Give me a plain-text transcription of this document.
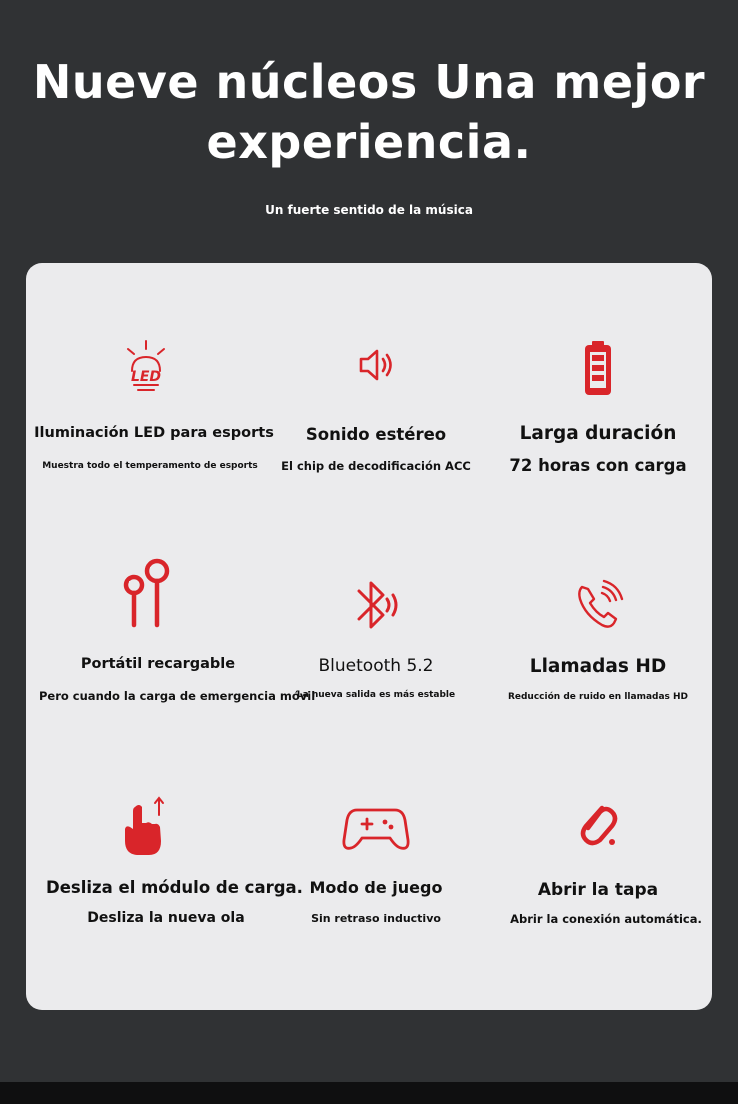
Nueve núcleos Una mejor
experiencia.
Un fuerte sentido de la música
LED
Iluminación LED para esports
Muestra todo el temperamento de esports
Sonido estéreo
El chip de decodificación ACC
Larga duración
72 horas con carga
Portátil recargable
Pero cuando la carga de emergencia móvil
Bluetooth 5.2
La nueva salida es más estable
Llamadas HD
Reducción de ruido en llamadas HD
Desliza el módulo de carga.
Desliza la nueva ola
Modo de juego
Sin retraso inductivo
Abrir la tapa
Abrir la conexión automática.
